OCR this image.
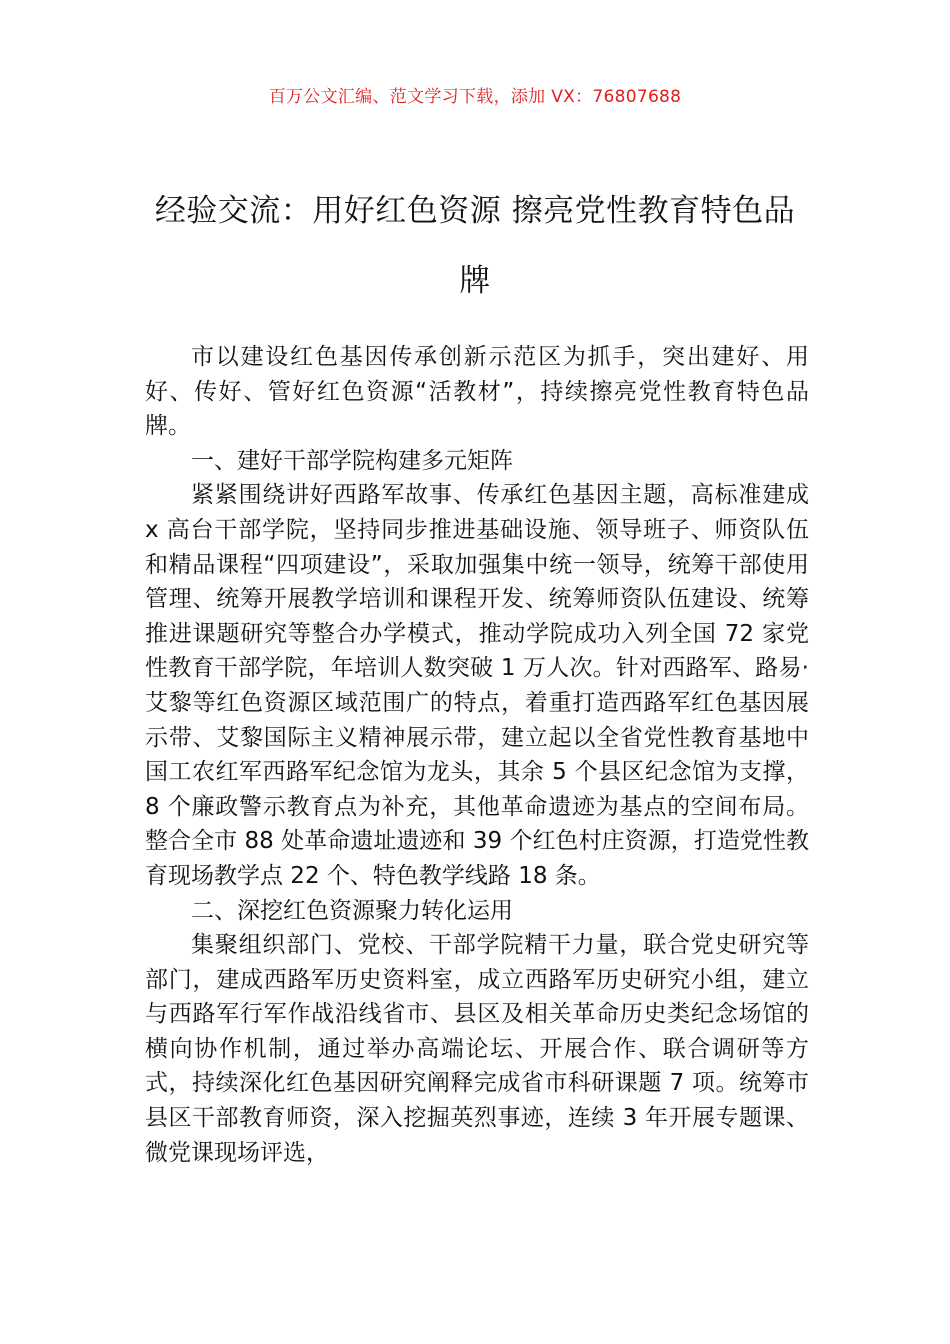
百万公文汇编、范文学习下载，添加 VX：76807688
经验交流：用好红色资源 擦亮党性教育特色品牌

市以建设红色基因传承创新示范区为抓手，突出建好、用好、传好、管好红色资源“活教材”，持续擦亮党性教育特色品牌。

一、建好干部学院构建多元矩阵

紧紧围绕讲好西路军故事、传承红色基因主题，高标准建成 x 高台干部学院，坚持同步推进基础设施、领导班子、师资队伍和精品课程“四项建设”，采取加强集中统一领导，统筹干部使用管理、统筹开展教学培训和课程开发、统筹师资队伍建设、统筹推进课题研究等整合办学模式，推动学院成功入列全国 72 家党性教育干部学院，年培训人数突破 1 万人次。针对西路军、路易·艾黎等红色资源区域范围广的特点，着重打造西路军红色基因展示带、艾黎国际主义精神展示带，建立起以全省党性教育基地中国工农红军西路军纪念馆为龙头，其余 5 个县区纪念馆为支撑，8 个廉政警示教育点为补充，其他革命遗迹为基点的空间布局。整合全市 88 处革命遗址遗迹和 39 个红色村庄资源，打造党性教育现场教学点 22 个、特色教学线路 18 条。

二、深挖红色资源聚力转化运用

集聚组织部门、党校、干部学院精干力量，联合党史研究等部门，建成西路军历史资料室，成立西路军历史研究小组，建立与西路军行军作战沿线省市、县区及相关革命历史类纪念场馆的横向协作机制，通过举办高端论坛、开展合作、联合调研等方式，持续深化红色基因研究阐释完成省市科研课题 7 项。统筹市县区干部教育师资，深入挖掘英烈事迹，连续 3 年开展专题课、微党课现场评选，
